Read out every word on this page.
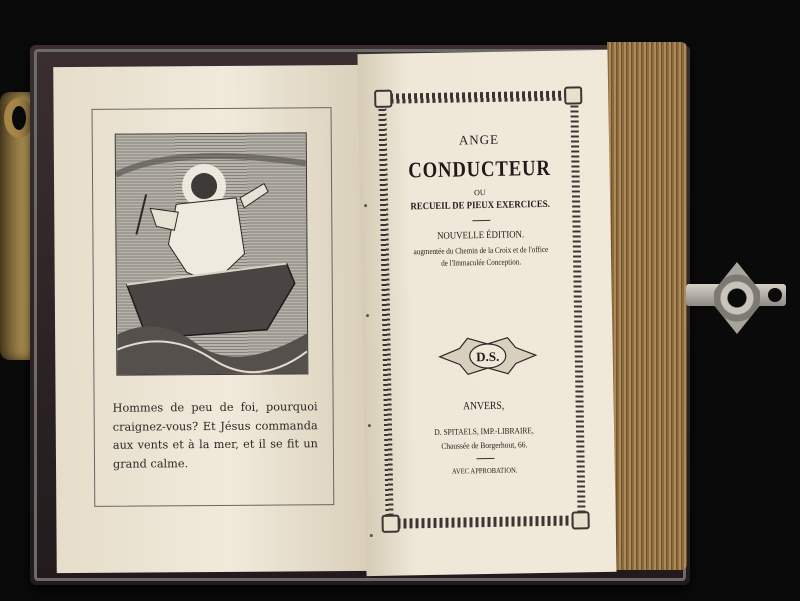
Hommes de peu de foi, pourquoi craignez-vous? Et Jésus commanda aux vents et à la mer, et il se fit un grand calme.
ANGE
CONDUCTEUR
OU
RECUEIL DE PIEUX EXERCICES.
NOUVELLE ÉDITION.
augmentée du Chemin de la Croix et de l'office
de l'Immaculée Conception.
D.S.
ANVERS,
D. SPITAELS, IMP.-LIBRAIRE,
Chaussée de Borgerhout, 66.
AVEC APPROBATION.
